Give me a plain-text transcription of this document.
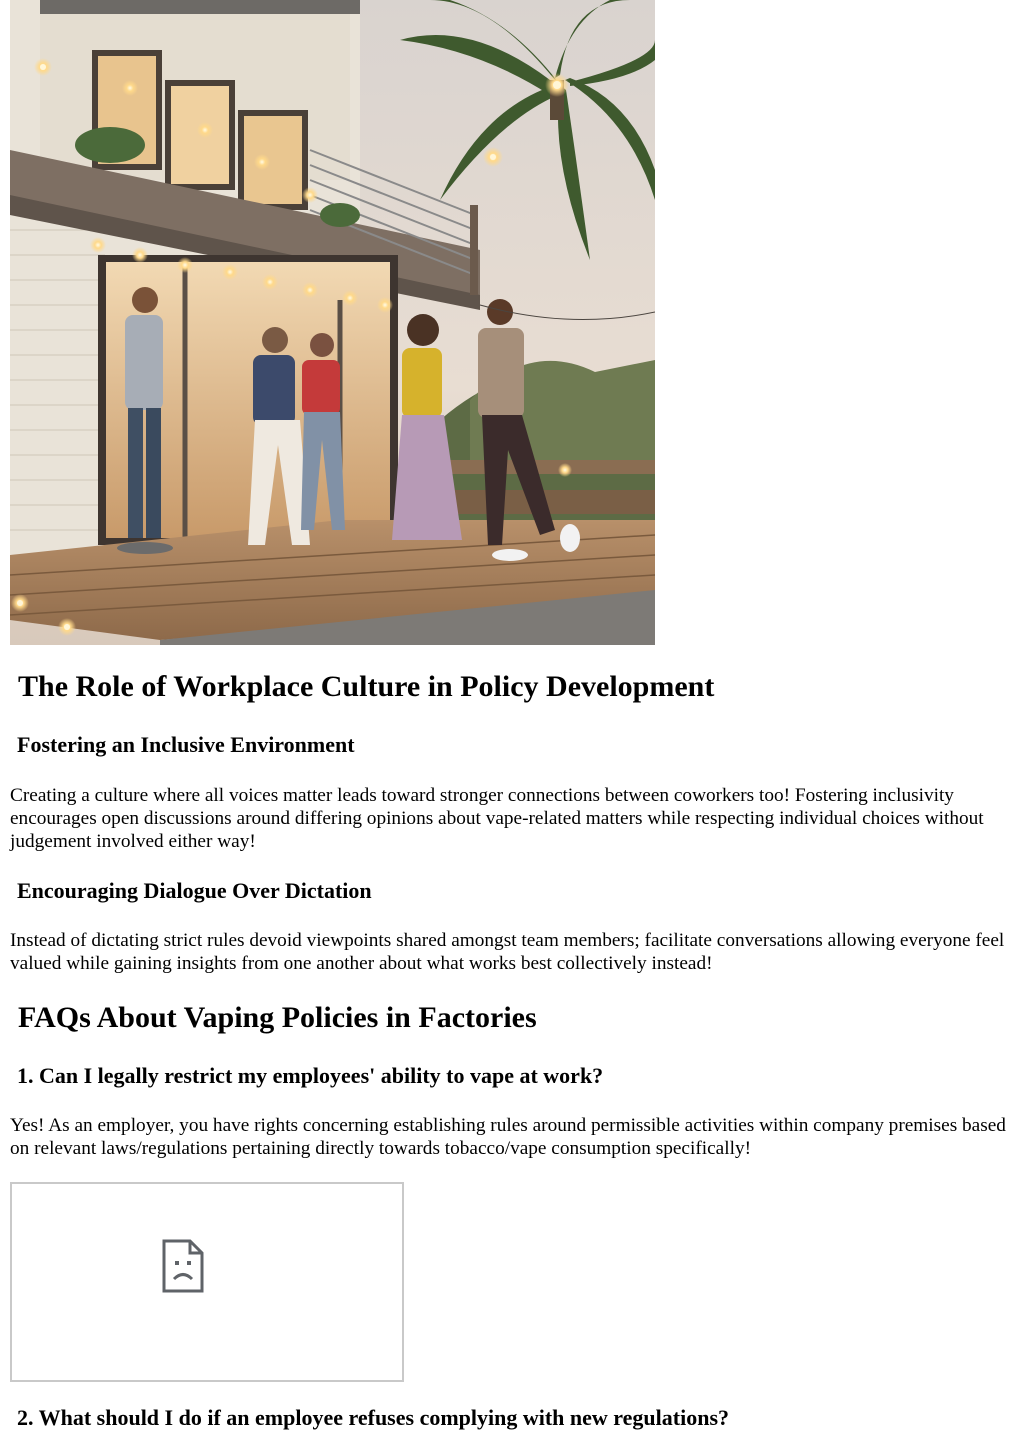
The Role of Workplace Culture in Policy Development
Fostering an Inclusive Environment

Creating a culture where all voices matter leads toward stronger connections between coworkers too! Fostering inclusivity encourages open discussions around differing opinions about vape-related matters while respecting individual choices without judgement involved either way!

Encouraging Dialogue Over Dictation

Instead of dictating strict rules devoid viewpoints shared amongst team members; facilitate conversations allowing everyone feel valued while gaining insights from one another about what works best collectively instead!

FAQs About Vaping Policies in Factories
1. Can I legally restrict my employees' ability to vape at work?

Yes! As an employer, you have rights concerning establishing rules around permissible activities within company premises based on relevant laws/regulations pertaining directly towards tobacco/vape consumption specifically!

2. What should I do if an employee refuses complying with new regulations?
